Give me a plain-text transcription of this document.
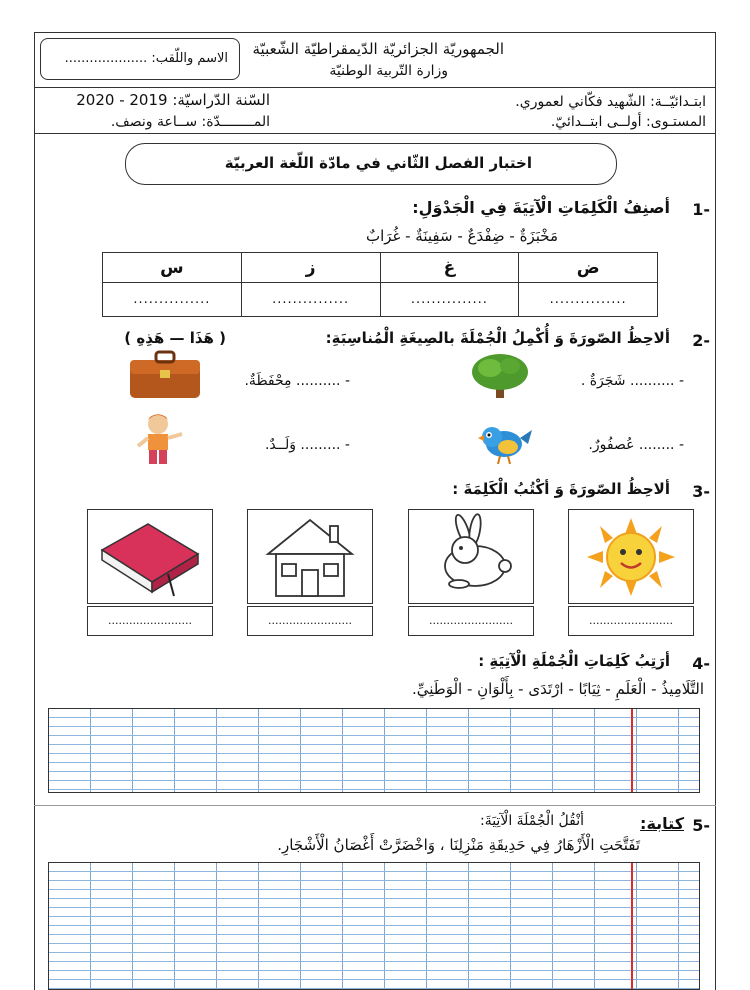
الجمهوريّة الجزائريّة الدّيمقراطيّة الشّعبيّة
وزارة التّربية الوطنيّة
الاسم واللّقب: ....................
ابتـدائيّــة: الشّهيد فكّاني لعموري.
المستـوى: أولــى ابتــدائيّ.
السّنة الدّراسيّة: 2019 - 2020
المــــــــدّة: ســاعة ونصف.
اختبار الفصل الثّاني في مادّة اللّغة العربيّة
-1
أصنِفُ الْكَلِمَاتِ الْآتِيَةَ فِي الْجَدْوَلِ:
مَخْبَزَةٌ - ضِفْدَعٌ - سَفِينَةٌ - غُرَابٌ
ض	غ	ز	س
...............	...............	...............	...............
-2
ألاحِظُ الصّورَةَ وَ أُكْمِلُ الْجُمْلَةَ بالصِيغَةِ الْمُناسِبَةِ:
( هَذَا — هَذِهِ )
- .......... شَجَرَةٌ .
- .......... مِحْفَظَةٌ.
- ........ عُصفُورٌ.
- ......... وَلَــدٌ.
-3
ألاحِظُ الصّورَةَ وَ أكْتُبُ الْكَلِمَةَ :
........................
........................
........................
........................
-4
أرَتِبُ كَلِمَاتِ الْجُمْلَةِ الْآتِيَةِ :
التَّلَامِيذُ - الْعَلَمِ - ثِيَابًا - ارْتَدَى - بِأَلْوَانِ - الْوَطَنِيِّ.
-5
كتابة:
أنْقُلُ الْجُمْلَةَ الْآتِيَةَ:
تَفَتَّحَتِ الْأَزْهَارُ فِي حَدِيقَةِ مَنْزِلِنَا ، وَاخْضَرَّتْ أَغْصَانُ الْأَشْجَارِ.
